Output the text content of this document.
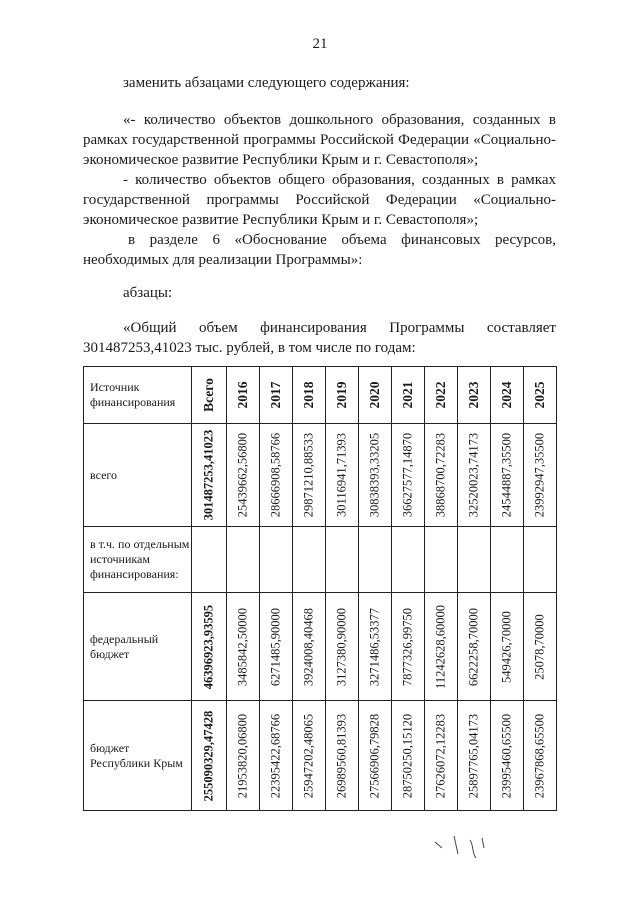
21
заменить абзацами следующего содержания:
«- количество объектов дошкольного образования, созданных в
рамках государственной программы Российской Федерации «Социально-
экономическое развитие Республики Крым и г. Севастополя»;
- количество объектов общего образования, созданных в рамках
государственной программы Российской Федерации «Социально-
экономическое развитие Республики Крым и г. Севастополя»;
в разделе 6 «Обоснование объема финансовых ресурсов,
необходимых для реализации Программы»:
абзацы:
«Общий объем финансирования Программы составляет
301487253,41023 тыс. рублей, в том числе по годам:
Источник финансирования	Всего	2016	2017	2018	2019	2020	2021	2022	2023	2024	2025

всего	301487253,41023	25439662,56800	28666908,58766	29871210,88533	30116941,71393	30838393,33205	36627577,14870	38868700,72283	32520023,74173	24544887,35500	23992947,35500

в т.ч. по отдельным источникам финансирования:											
федеральный бюджет	46396923,93595	3485842,50000	6271485,90000	3924008,40468	3127380,90000	3271486,53377	7877326,99750	11242628,60000	6622258,70000	549426,70000	25078,70000

бюджет Республики Крым	255090329,47428	21953820,06800	22395422,68766	25947202,48065	26989560,81393	27566906,79828	28750250,15120	27626072,12283	25897765,04173	23995460,65500	23967868,65500
